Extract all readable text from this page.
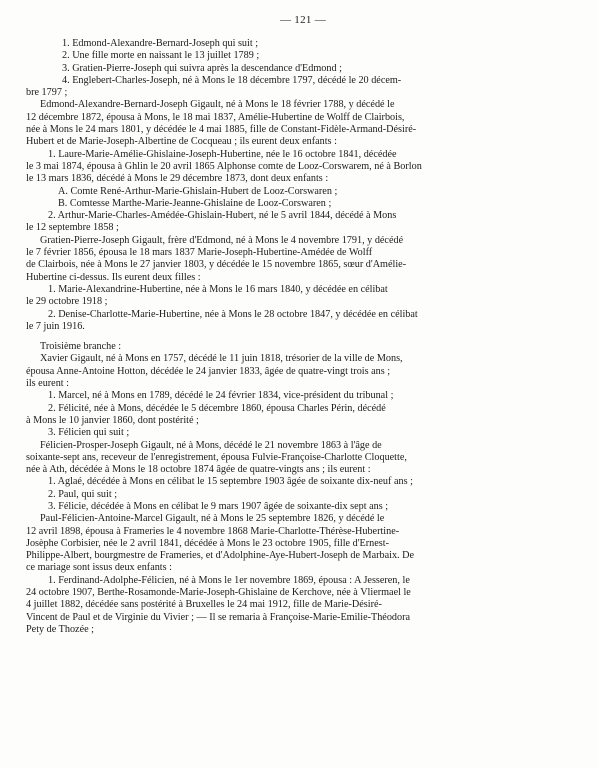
— 121 —
1. Edmond-Alexandre-Bernard-Joseph qui suit ;
2. Une fille morte en naissant le 13 juillet 1789 ;
3. Gratien-Pierre-Joseph qui suivra après la descendance d'Edmond ;
4. Englebert-Charles-Joseph, né à Mons le 18 décembre 1797, décédé le 20 décem-
bre 1797 ;
Edmond-Alexandre-Bernard-Joseph Gigault, né à Mons le 18 février 1788, y décédé le
12 décembre 1872, épousa à Mons, le 18 mai 1837, Amélie-Hubertine de Wolff de Clairbois,
née à Mons le 24 mars 1801, y décédée le 4 mai 1885, fille de Constant-Fidèle-Armand-Désiré-
Hubert et de Marie-Joseph-Albertine de Cocqueau ; ils eurent deux enfants :
1. Laure-Marie-Amélie-Ghislaine-Joseph-Hubertine, née le 16 octobre 1841, décédée
le 3 mai 1874, épousa à Ghlin le 20 avril 1865 Alphonse comte de Looz-Corswarem, né à Borlon
le 13 mars 1836, décédé à Mons le 29 décembre 1873, dont deux enfants :
A. Comte René-Arthur-Marie-Ghislain-Hubert de Looz-Corswaren ;
B. Comtesse Marthe-Marie-Jeanne-Ghislaine de Looz-Corswaren ;
2. Arthur-Marie-Charles-Amédée-Ghislain-Hubert, né le 5 avril 1844, décédé à Mons
le 12 septembre 1858 ;
Gratien-Pierre-Joseph Gigault, frère d'Edmond, né à Mons le 4 novembre 1791, y décédé
le 7 février 1856, épousa le 18 mars 1837 Marie-Joseph-Hubertine-Amédée de Wolff
de Clairbois, née à Mons le 27 janvier 1803, y décédée le 15 novembre 1865, sœur d'Amélie-
Hubertine ci-dessus. Ils eurent deux filles :
1. Marie-Alexandrine-Hubertine, née à Mons le 16 mars 1840, y décédée en célibat
le 29 octobre 1918 ;
2. Denise-Charlotte-Marie-Hubertine, née à Mons le 28 octobre 1847, y décédée en célibat
le 7 juin 1916.
Troisième branche :
Xavier Gigault, né à Mons en 1757, décédé le 11 juin 1818, trésorier de la ville de Mons,
épousa Anne-Antoine Hotton, décédée le 24 janvier 1833, âgée de quatre-vingt trois ans ;
ils eurent :
1. Marcel, né à Mons en 1789, décédé le 24 février 1834, vice-président du tribunal ;
2. Félicité, née à Mons, décédée le 5 décembre 1860, épousa Charles Périn, décédé
à Mons le 10 janvier 1860, dont postérité ;
3. Félicien qui suit ;
Félicien-Prosper-Joseph Gigault, né à Mons, décédé le 21 novembre 1863 à l'âge de
soixante-sept ans, receveur de l'enregistrement, épousa Fulvie-Françoise-Charlotte Cloquette,
née à Ath, décédée à Mons le 18 octobre 1874 âgée de quatre-vingts ans ; ils eurent :
1. Aglaé, décédée à Mons en célibat le 15 septembre 1903 âgée de soixante dix-neuf ans ;
2. Paul, qui suit ;
3. Félicie, décédée à Mons en célibat le 9 mars 1907 âgée de soixante-dix sept ans ;
Paul-Félicien-Antoine-Marcel Gigault, né à Mons le 25 septembre 1826, y décédé le
12 avril 1898, épousa à Frameries le 4 novembre 1868 Marie-Charlotte-Thérèse-Hubertine-
Josèphe Corbisier, née le 2 avril 1841, décédée à Mons le 23 octobre 1905, fille d'Ernest-
Philippe-Albert, bourgmestre de Frameries, et d'Adolphine-Aye-Hubert-Joseph de Marbaix. De
ce mariage sont issus deux enfants :
1. Ferdinand-Adolphe-Félicien, né à Mons le 1er novembre 1869, épousa : A Jesseren, le
24 octobre 1907, Berthe-Rosamonde-Marie-Joseph-Ghislaine de Kerchove, née à Vliermael le
4 juillet 1882, décédée sans postérité à Bruxelles le 24 mai 1912, fille de Marie-Désiré-
Vincent de Paul et de Virginie du Vivier ; — Il se remaria à Françoise-Marie-Emilie-Théodora
Pety de Thozée ;
